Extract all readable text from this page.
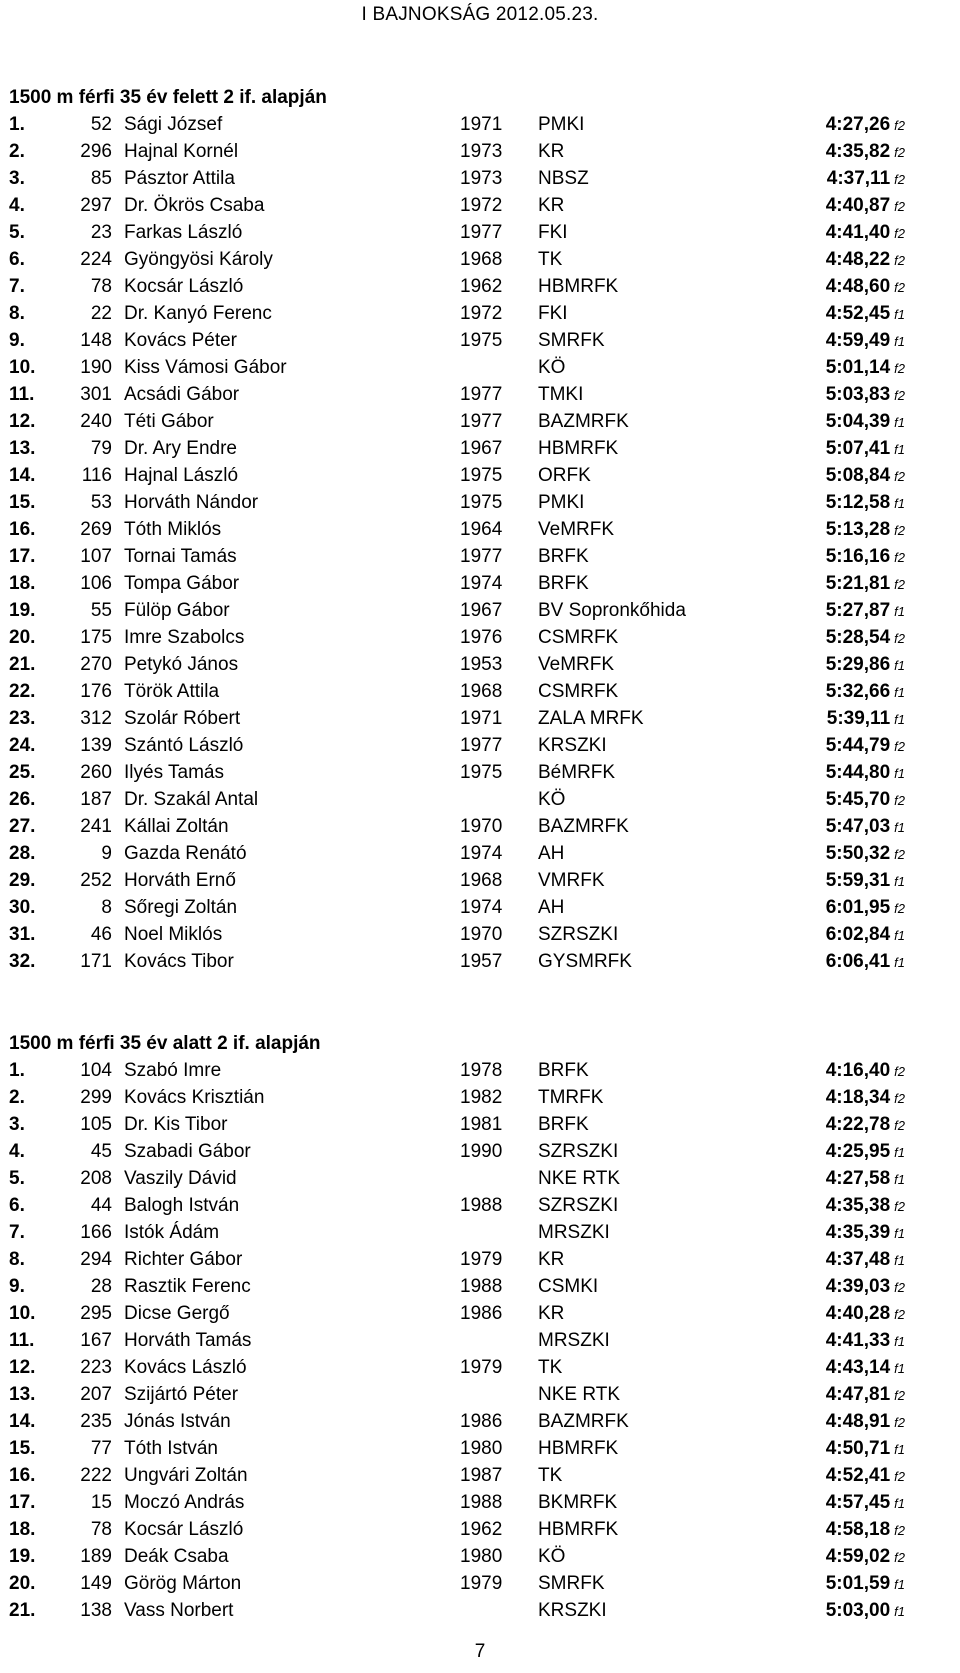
I BAJNOKSÁG 2012.05.23.
1500 m férfi 35 év felett 2 if. alapján
1.	52 Sági József	1971 PMKI	4:27,26 f2
2.	296 Hajnal Kornél	1973 KR	4:35,82 f2
3.	85 Pásztor Attila	1973 NBSZ	4:37,11 f2
4.	297 Dr. Ökrös Csaba	1972 KR	4:40,87 f2
5.	23 Farkas László	1977 FKI	4:41,40 f2
6.	224 Gyöngyösi Károly	1968 TK	4:48,22 f2
7.	78 Kocsár László	1962 HBMRFK	4:48,60 f2
8.	22 Dr. Kanyó Ferenc	1972 FKI	4:52,45 f1
9.	148 Kovács Péter	1975 SMRFK	4:59,49 f1
10.	190 Kiss Vámosi Gábor	KÖ	5:01,14 f2
11.	301 Acsádi Gábor	1977 TMKI	5:03,83 f2
12.	240 Téti Gábor	1977 BAZMRFK	5:04,39 f1
13.	79 Dr. Ary Endre	1967 HBMRFK	5:07,41 f1
14.	116 Hajnal László	1975 ORFK	5:08,84 f2
15.	53 Horváth Nándor	1975 PMKI	5:12,58 f1
16.	269 Tóth Miklós	1964 VeMRFK	5:13,28 f2
17.	107 Tornai Tamás	1977 BRFK	5:16,16 f2
18.	106 Tompa Gábor	1974 BRFK	5:21,81 f2
19.	55 Fülöp Gábor	1967 BV Sopronkőhida	5:27,87 f1
20.	175 Imre Szabolcs	1976 CSMRFK	5:28,54 f2
21.	270 Petykó János	1953 VeMRFK	5:29,86 f1
22.	176 Török Attila	1968 CSMRFK	5:32,66 f1
23.	312 Szolár Róbert	1971 ZALA MRFK	5:39,11 f1
24.	139 Szántó László	1977 KRSZKI	5:44,79 f2
25.	260 Ilyés Tamás	1975 BéMRFK	5:44,80 f1
26.	187 Dr. Szakál Antal	KÖ	5:45,70 f2
27.	241 Kállai Zoltán	1970 BAZMRFK	5:47,03 f1
28.	9 Gazda Renátó	1974 AH	5:50,32 f2
29.	252 Horváth Ernő	1968 VMRFK	5:59,31 f1
30.	8 Sőregi Zoltán	1974 AH	6:01,95 f2
31.	46 Noel Miklós	1970 SZRSZKI	6:02,84 f1
32.	171 Kovács Tibor	1957 GYSMRFK	6:06,41 f1
1500 m férfi 35 év alatt 2 if. alapján
1.	104 Szabó Imre	1978 BRFK	4:16,40 f2
2.	299 Kovács Krisztián	1982 TMRFK	4:18,34 f2
3.	105 Dr. Kis Tibor	1981 BRFK	4:22,78 f2
4.	45 Szabadi Gábor	1990 SZRSZKI	4:25,95 f1
5.	208 Vaszily Dávid	NKE RTK	4:27,58 f1
6.	44 Balogh István	1988 SZRSZKI	4:35,38 f2
7.	166 Istók Ádám	MRSZKI	4:35,39 f1
8.	294 Richter Gábor	1979 KR	4:37,48 f1
9.	28 Rasztik Ferenc	1988 CSMKI	4:39,03 f2
10.	295 Dicse Gergő	1986 KR	4:40,28 f2
11.	167 Horváth Tamás	MRSZKI	4:41,33 f1
12.	223 Kovács László	1979 TK	4:43,14 f1
13.	207 Szijártó Péter	NKE RTK	4:47,81 f2
14.	235 Jónás István	1986 BAZMRFK	4:48,91 f2
15.	77 Tóth István	1980 HBMRFK	4:50,71 f1
16.	222 Ungvári Zoltán	1987 TK	4:52,41 f2
17.	15 Moczó András	1988 BKMRFK	4:57,45 f1
18.	78 Kocsár László	1962 HBMRFK	4:58,18 f2
19.	189 Deák Csaba	1980 KÖ	4:59,02 f2
20.	149 Görög Márton	1979 SMRFK	5:01,59 f1
21.	138 Vass Norbert	KRSZKI	5:03,00 f1
7
